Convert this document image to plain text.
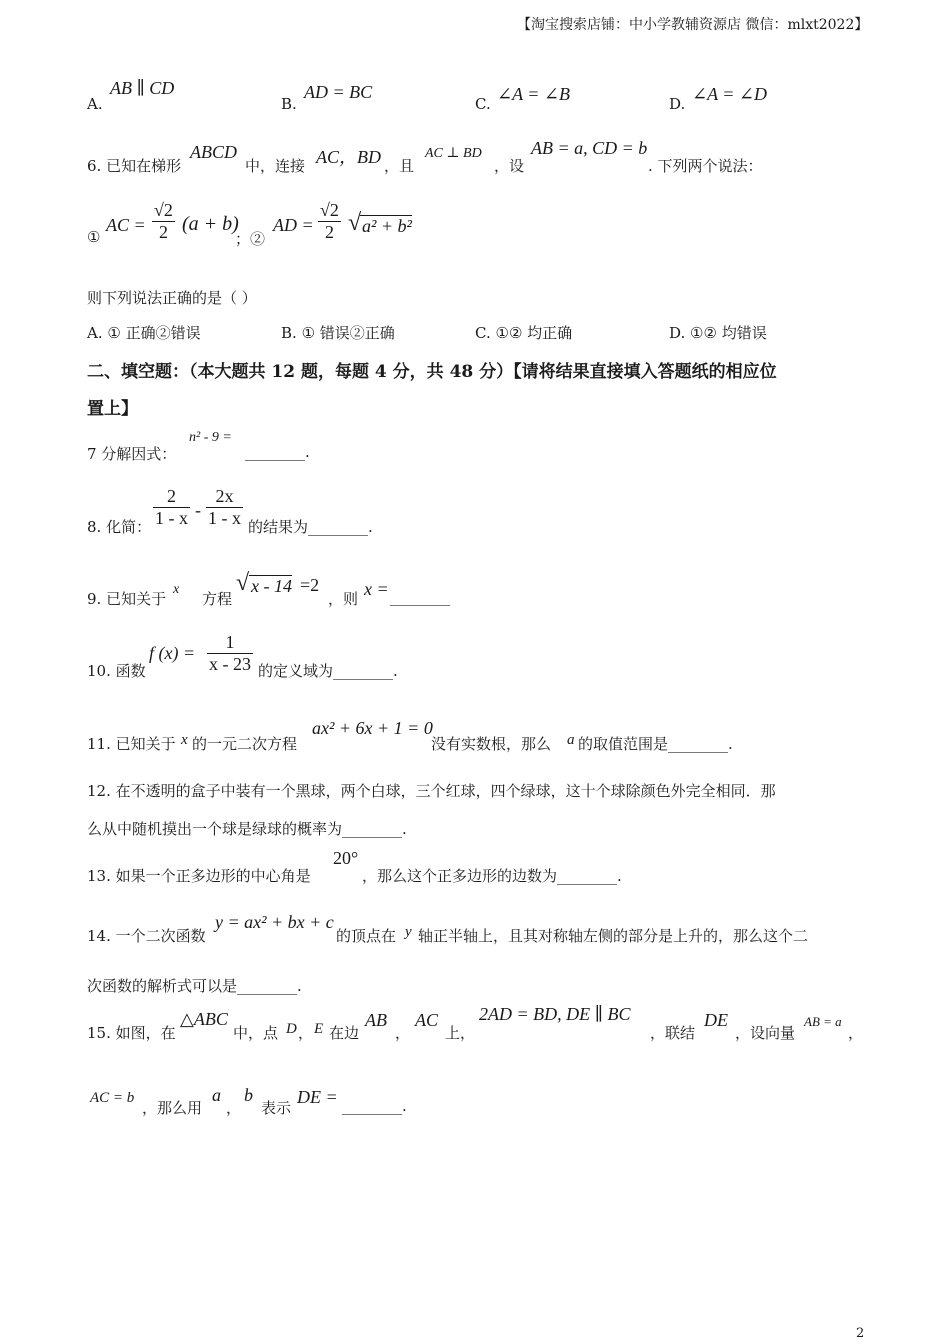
【淘宝搜索店铺：中小学教辅资源店 微信：mlxt2022】
A.
AB ∥ CD
B.
AD = BC
C. ∠A = ∠B	D. ∠A = ∠D
6. 已知在梯形
ABCD
中，连接 AC，BD ，且
AC ⊥ BD
，设
AB = a, CD = b
. 下列两个说法：
①
AC = $\frac{√2}{2} (a + b)$
；②
AD = $\frac{√2}{2}$ √ a² + b²
则下列说法正确的是（ ）
A. ① 正确②错误	B. ① 错误②正确	C. ①② 均正确	D. ①② 均错误
二、填空题：（本大题共 12 题，每题 4 分，共 48 分）【请将结果直接填入答题纸的相应位
置上】
7 分解因式：
n² - 9 =
________.
8. 化简： $\frac{2}{1 - x} - \frac{2x}{1 - x}$ 的结果为________.
9. 已知关于
x
方程
√ x - 14 =2
，则 x = ________
10. 函数
f $(x) = \frac{1}{x - 23}$ 的定义域为________.
11. 已知关于 x 的一元二次方程
ax² + 6x + 1 = 0
没有实数根，那么 a 的取值范围是________.
12. 在不透明的盒子中装有一个黑球，两个白球，三个红球，四个绿球，这十个球除颜色外完全相同．那
么从中随机摸出一个球是绿球的概率为________.
13. 如果一个正多边形的中心角是
20°
，那么这个正多边形的边数为________.
14. 一个二次函数
y = ax² + bx + c
的顶点在 y 轴正半轴上，且其对称轴左侧的部分是上升的，那么这个二
次函数的解析式可以是________.
15. 如图，在
△ABC
中，点 D ， E 在边
AB
，
AC
上，
2AD = BD, DE ∥ BC
，联结
DE
，设向量
AB = a
，
AC = b
，那么用
a
，
b
表示
DE = ________.
2
